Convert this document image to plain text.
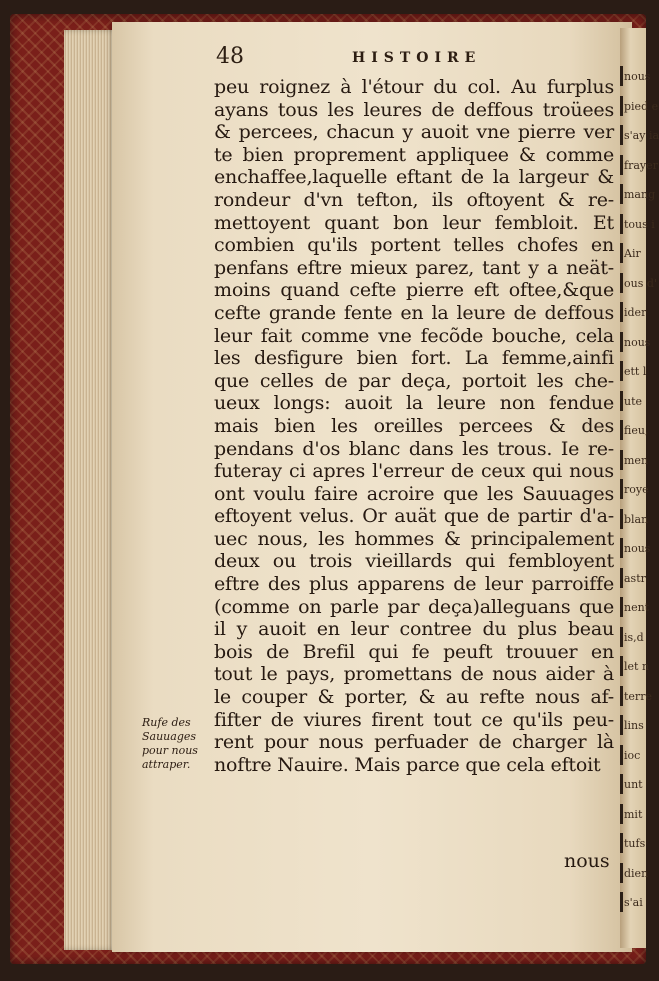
nous
pied e
s'ay ia
frayer
mang
tous i
Air
ous d'
ider
nous
ett l
ute
fieu,
men
roye
blan
nous
astr
nent
is,d
let n
terre
lins
ioc
unt
mit
tufs
dien
s'ai
48	HISTOIRE
peu roignez à l'étour du col. Au furplus
ayans tous les leures de deffous troüees
& percees, chacun y auoit vne pierre ver
te bien proprement appliquee & comme
enchaffee,laquelle eftant de la largeur &
rondeur d'vn tefton, ils oftoyent & re-
mettoyent quant bon leur fembloit. Et
combien qu'ils portent telles chofes en
penfans eftre mieux parez, tant y a neät-
moins quand cefte pierre eft oftee,&que
cefte grande fente en la leure de deffous
leur fait comme vne fecõde bouche, cela
les desfigure bien fort. La femme,ainfi
que celles de par deça, portoit les che-
ueux longs: auoit la leure non fendue
mais bien les oreilles percees & des
pendans d'os blanc dans les trous. Ie re-
futeray ci apres l'erreur de ceux qui nous
ont voulu faire acroire que les Sauuages
eftoyent velus. Or auät que de partir d'a-
uec nous, les hommes & principalement
deux ou trois vieillards qui fembloyent
eftre des plus apparens de leur parroiffe
(comme on parle par deça)alleguans que
il y auoit en leur contree du plus beau
bois de Brefil qui fe peuft trouuer en
tout le pays, promettans de nous aider à
le couper & porter, & au refte nous af-
fifter de viures firent tout ce qu'ils peu-
rent pour nous perfuader de charger là
noftre Nauire. Mais parce que cela eftoit
Rufe des
Sauuages
pour nous
attraper.
nous
